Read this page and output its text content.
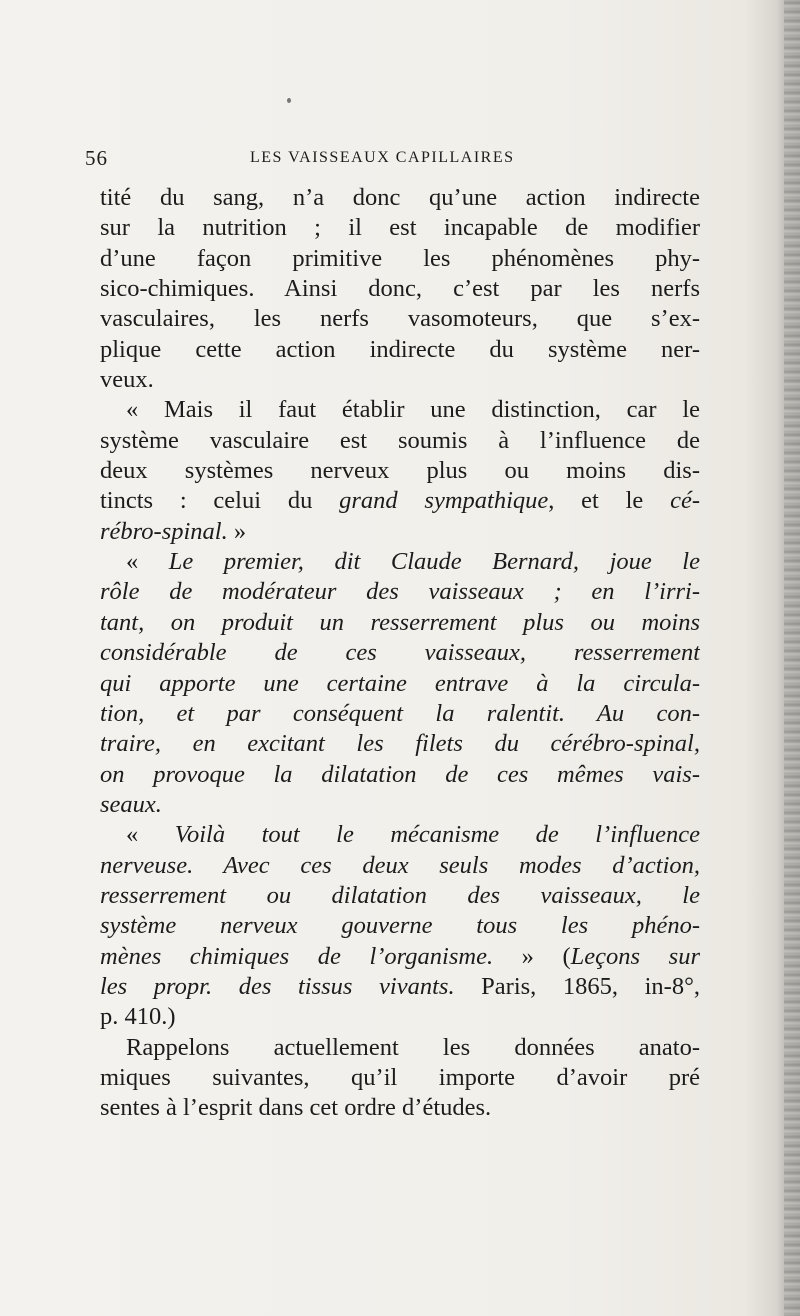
56	LES VAISSEAUX CAPILLAIRES
tité du sang, n’a donc qu’une action indirecte
sur la nutrition ; il est incapable de modifier
d’une façon primitive les phénomènes phy-
sico-chimiques. Ainsi donc, c’est par les nerfs
vasculaires, les nerfs vasomoteurs, que s’ex-
plique cette action indirecte du système ner-
veux.
« Mais il faut établir une distinction, car le
système vasculaire est soumis à l’influence de
deux systèmes nerveux plus ou moins dis-
tincts : celui du grand sympathique, et le cé-
rébro-spinal. »
« Le premier, dit Claude Bernard, joue le
rôle de modérateur des vaisseaux ; en l’irri-
tant, on produit un resserrement plus ou moins
considérable de ces vaisseaux, resserrement
qui apporte une certaine entrave à la circula-
tion, et par conséquent la ralentit. Au con-
traire, en excitant les filets du cérébro-spinal,
on provoque la dilatation de ces mêmes vais-
seaux.
« Voilà tout le mécanisme de l’influence
nerveuse. Avec ces deux seuls modes d’action,
resserrement ou dilatation des vaisseaux, le
système nerveux gouverne tous les phéno-
mènes chimiques de l’organisme. » (Leçons sur
les propr. des tissus vivants. Paris, 1865, in-8°,
p. 410.)
Rappelons actuellement les données anato-
miques suivantes, qu’il importe d’avoir pré
sentes à l’esprit dans cet ordre d’études.
